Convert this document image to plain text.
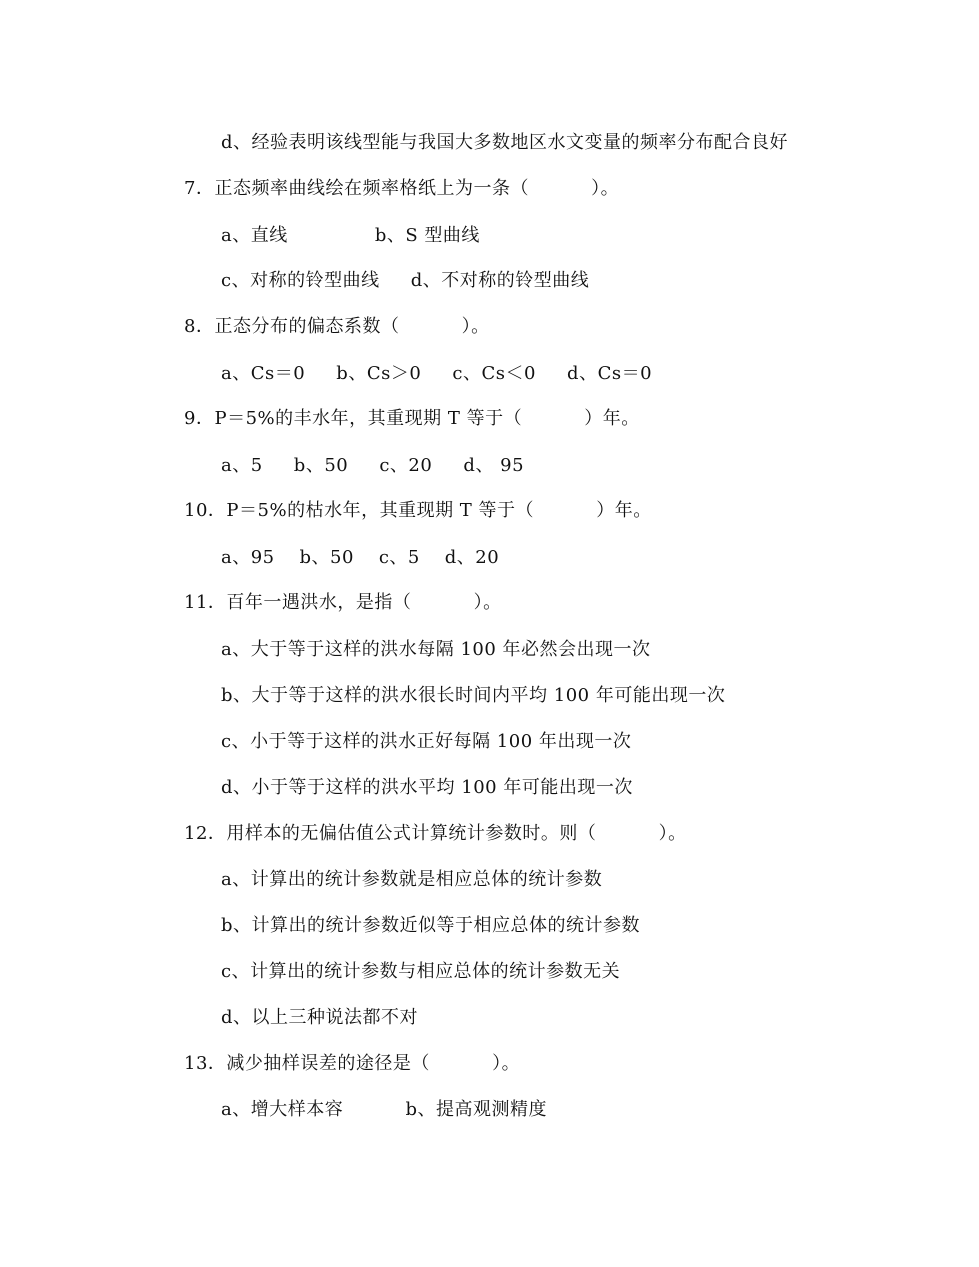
d、经验表明该线型能与我国大多数地区水文变量的频率分布配合良好
7．正态频率曲线绘在频率格纸上为一条（          ）。
a、直线              b、S 型曲线
c、对称的铃型曲线     d、不对称的铃型曲线
8．正态分布的偏态系数（          ）。
a、Cs＝0     b、Cs＞0     c、Cs＜0     d、Cs＝0
9．P＝5%的丰水年，其重现期 T 等于（          ）年。
a、5     b、50     c、20     d、 95
10．P＝5%的枯水年，其重现期 T 等于（          ）年。
a、95    b、50    c、5    d、20
11．百年一遇洪水，是指（          ）。
a、大于等于这样的洪水每隔 100 年必然会出现一次
b、大于等于这样的洪水很长时间内平均 100 年可能出现一次
c、小于等于这样的洪水正好每隔 100 年出现一次
d、小于等于这样的洪水平均 100 年可能出现一次
12．用样本的无偏估值公式计算统计参数时。则（          ）。
a、计算出的统计参数就是相应总体的统计参数
b、计算出的统计参数近似等于相应总体的统计参数
c、计算出的统计参数与相应总体的统计参数无关
d、以上三种说法都不对
13．减少抽样误差的途径是（          ）。
a、增大样本容          b、提高观测精度
